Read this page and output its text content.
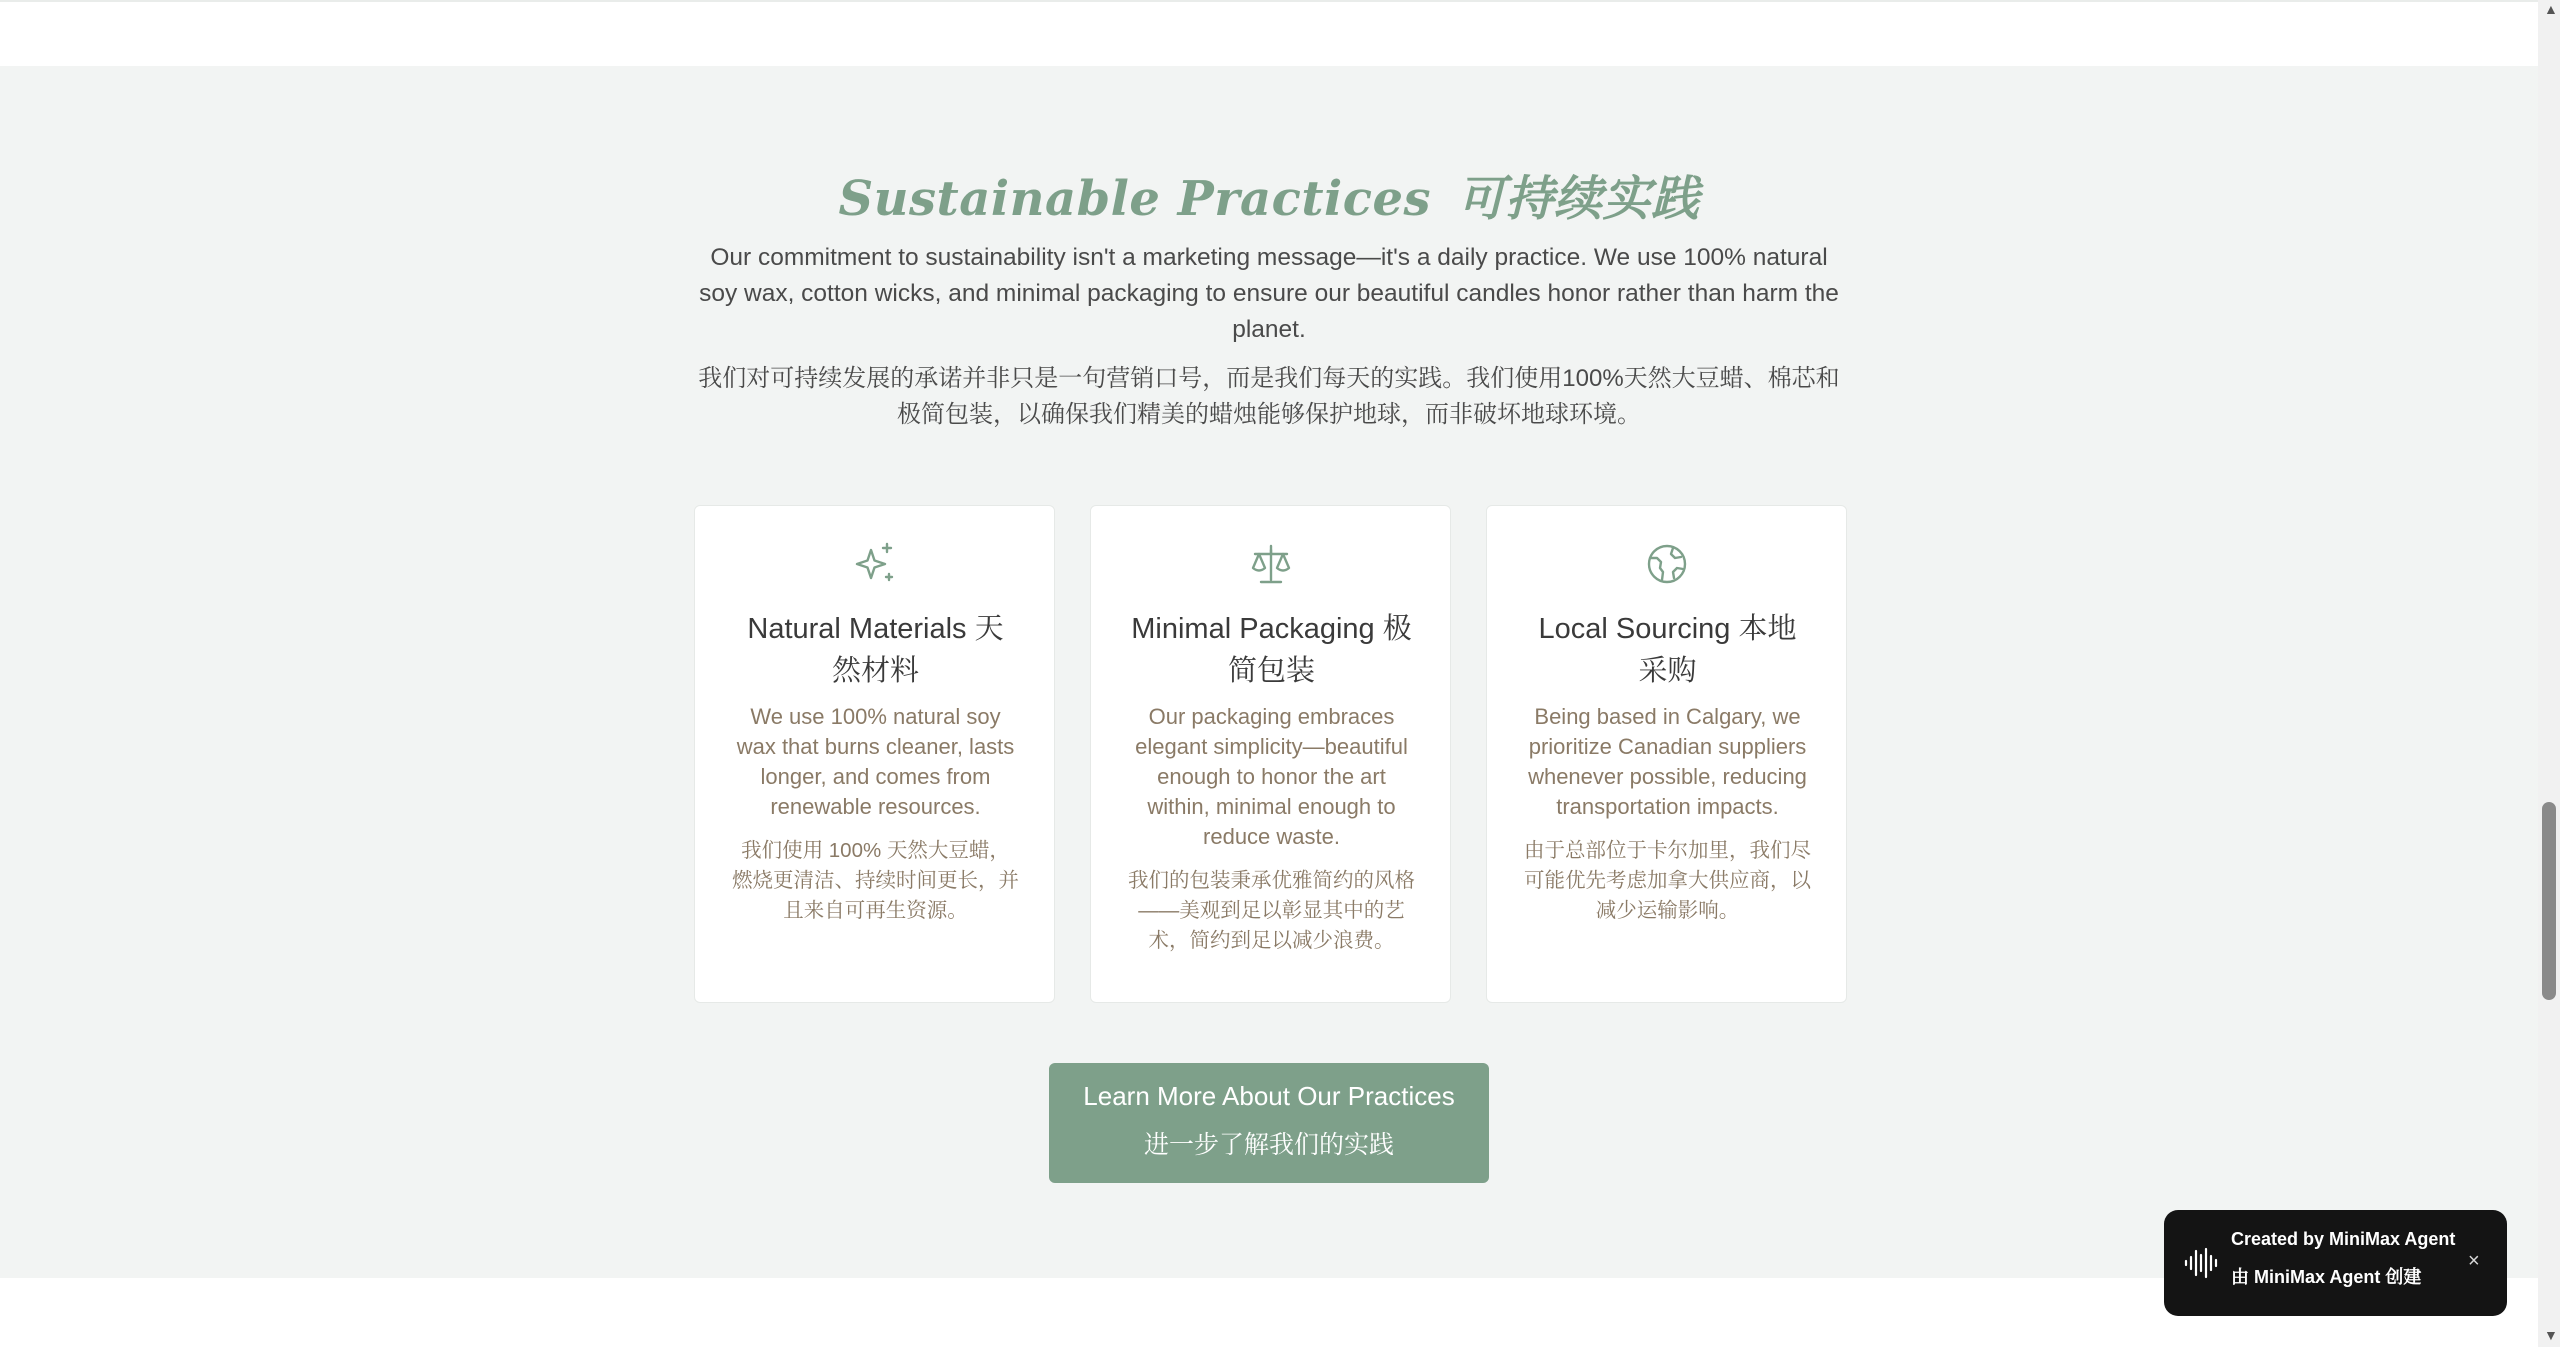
Sustainable Practices 可持续实践

Our commitment to sustainability isn't a marketing message—it's a daily practice. We use 100% natural soy wax, cotton wicks, and minimal packaging to ensure our beautiful candles honor rather than harm the planet.

我们对可持续发展的承诺并非只是一句营销口号，而是我们每天的实践。我们使用100%天然大豆蜡、棉芯和极简包装，以确保我们精美的蜡烛能够保护地球，而非破坏地球环境。

Natural Materials 天然材料
We use 100% natural soy wax that burns cleaner, lasts longer, and comes from renewable resources.
我们使用 100% 天然大豆蜡，燃烧更清洁、持续时间更长，并且来自可再生资源。
Minimal Packaging 极简包装
Our packaging embraces elegant simplicity—beautiful enough to honor the art within, minimal enough to reduce waste.
我们的包装秉承优雅简约的风格——美观到足以彰显其中的艺术，简约到足以减少浪费。
Local Sourcing 本地采购
Being based in Calgary, we prioritize Canadian suppliers whenever possible, reducing transportation impacts.
由于总部位于卡尔加里，我们尽可能优先考虑加拿大供应商，以减少运输影响。
Learn More About Our Practices
进一步了解我们的实践
Created by MiniMax Agent
由 MiniMax Agent 创建
×
▲
▼
